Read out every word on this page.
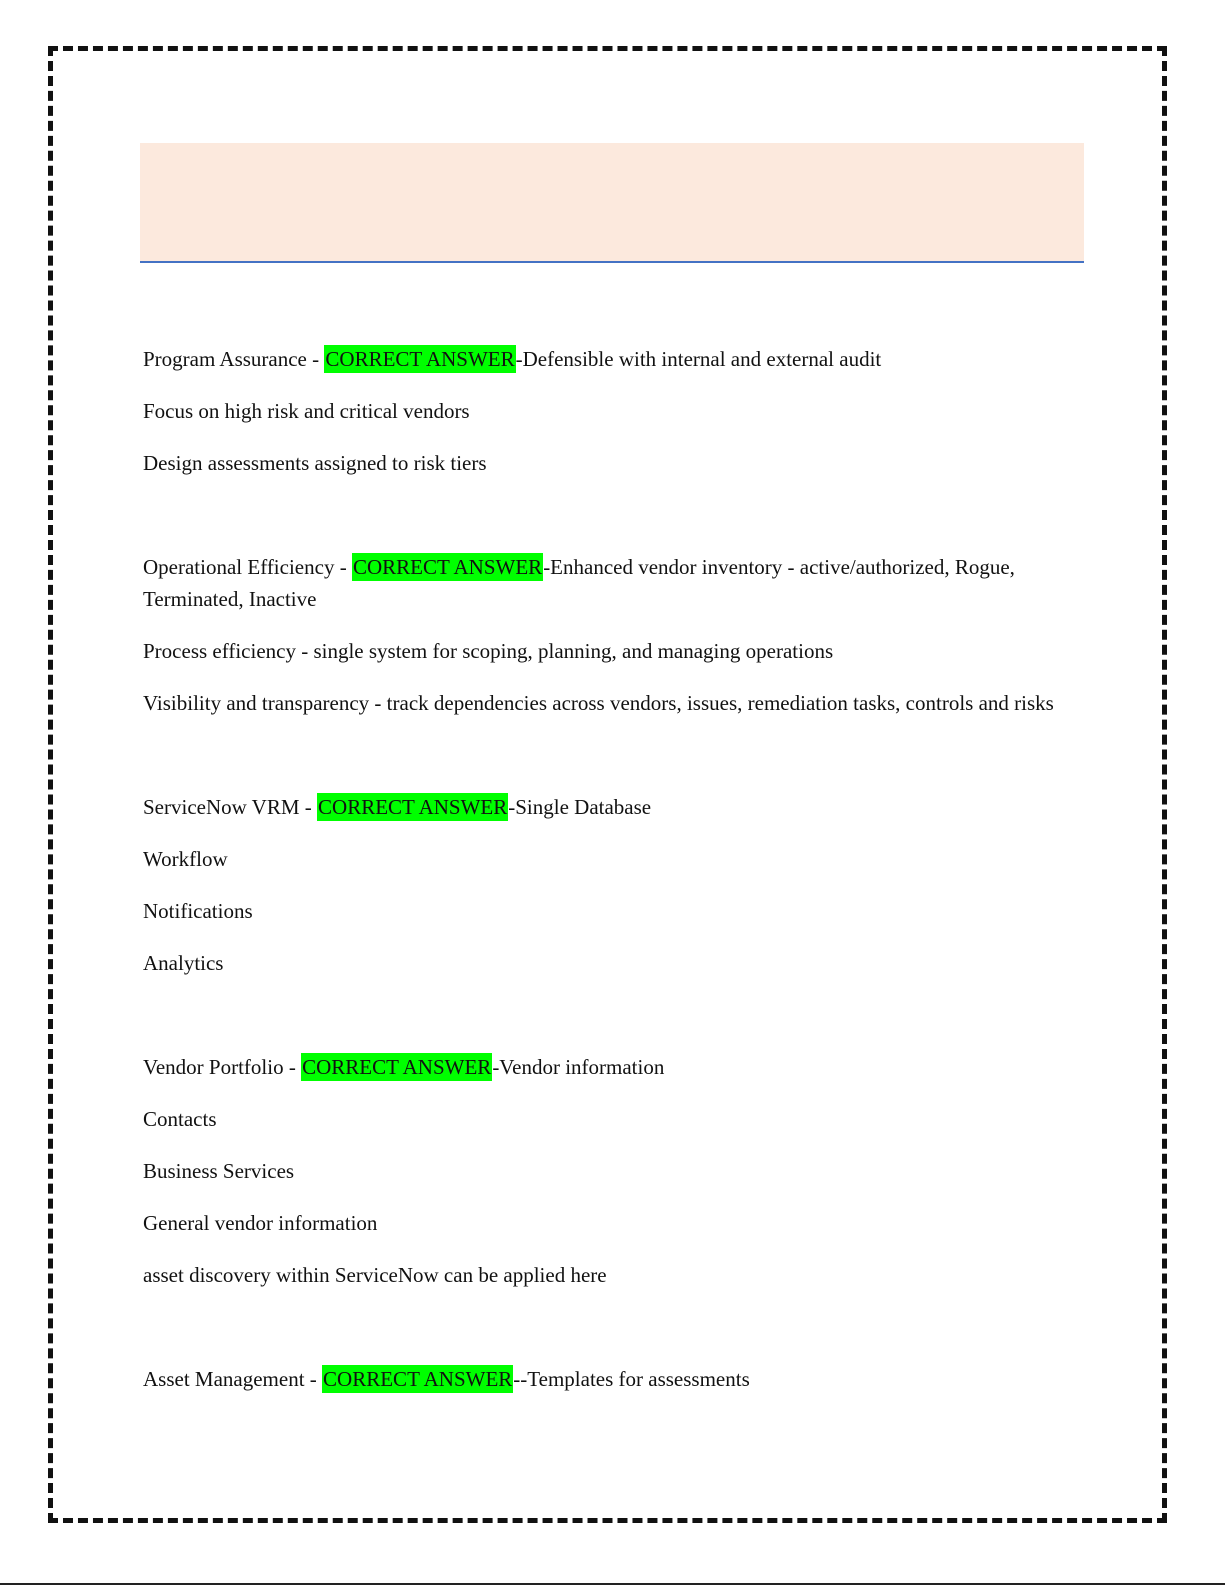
Program Assurance - CORRECT ANSWER-Defensible with internal and external audit

Focus on high risk and critical vendors

Design assessments assigned to risk tiers

Operational Efficiency - CORRECT ANSWER-Enhanced vendor inventory - active/authorized, Rogue, Terminated, Inactive

Process efficiency - single system for scoping, planning, and managing operations

Visibility and transparency - track dependencies across vendors, issues, remediation tasks, controls and risks

ServiceNow VRM - CORRECT ANSWER-Single Database

Workflow

Notifications

Analytics

Vendor Portfolio - CORRECT ANSWER-Vendor information

Contacts

Business Services

General vendor information

asset discovery within ServiceNow can be applied here

Asset Management - CORRECT ANSWER--Templates for assessments
